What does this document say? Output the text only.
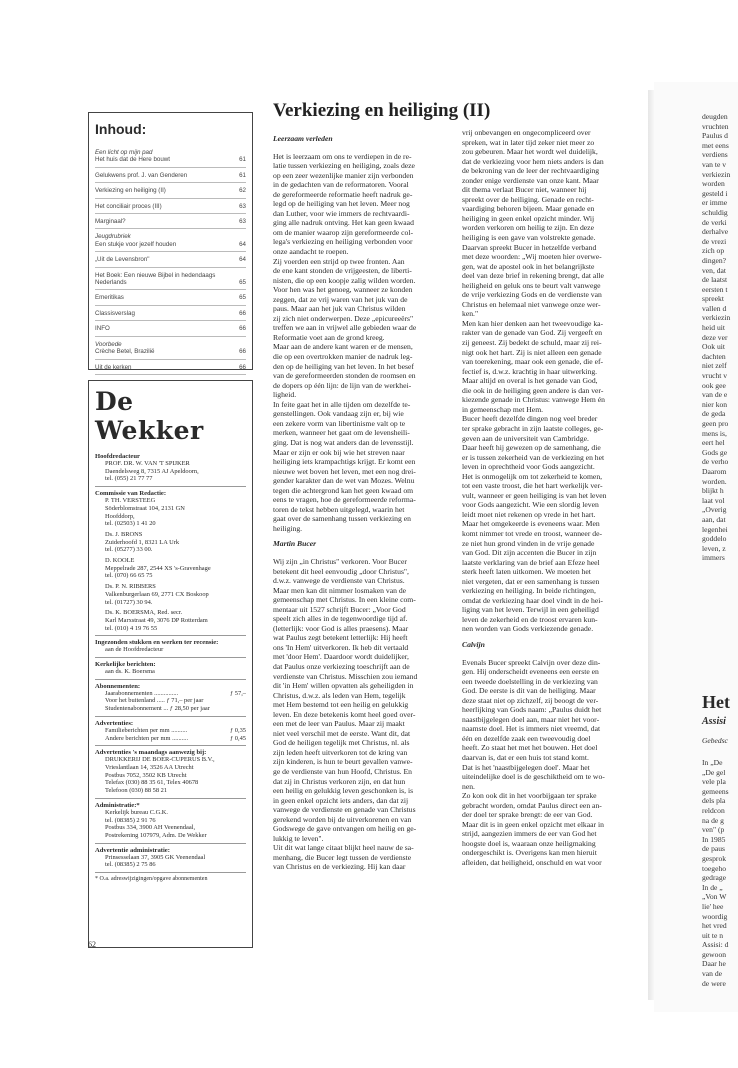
Inhoud:
Een licht op mijn pad
Het huis dat de Here bouwt	61
Gelukwens prof. J. van Genderen	61
Verkiezing en heiliging (II)	62
Het conciliair proces (III)	63
Marginaal?	63
Jeugdrubriek
Een stukje voor jezelf houden	64
„Uit de Levensbron"	64
Het Boek: Een nieuwe Bijbel in hedendaags Nederlands	65
Emeritikas	65
Classisverslag	66
INFO	66
Voorbede
Crèche Betel, Brazilië	66
Uit de kerken	66
De Wekker
Hoofdredacteur
PROF. DR. W. VAN 'T SPIJKER
Daendelsweg 8, 7315 AJ Apeldoorn,
tel. (055) 21 77 77
Commissie van Redactie:
P. TH. VERSTEEG
Söderblomstraat 104, 2131 GN
Hoofddorp,
tel. (02503) 1 41 20
Ds. J. BRONS
Zuiderhoofd 1, 8321 LA Urk
tel. (05277) 33 00.
D. KOOLE
Meppelrade 287, 2544 XS 's-Gravenhage
tel. (070) 66 65 75
Ds. P. N. RIBBERS
Valkenburgerlaan 69, 2771 CX Boskoop
tel. (01727) 30 94.
Ds. K. BOERSMA, Red. secr.
Karl Marxstraat 49, 3076 DP Rotterdam
tel. (010) 4 19 76 55
Ingezonden stukken en werken ter recensie:
aan de Hoofdredacteur
Kerkelijke berichten:
aan ds. K. Boersma
Abonnementen:
Jaarabonnementen ...............	ƒ 57,–
Voor het buitenland ..... ƒ 71,– per jaar
Studentenabonnement ... ƒ 28,50 per jaar
Advertenties:
Familieberichten per mm ..........	ƒ 0,35
Andere berichten per mm ..........	ƒ 0,45
Advertenties 's maandags aanwezig bij:
DRUKKERIJ DE BOER-CUPERUS B.V.,
Vrieslantlaan 14, 3526 AA Utrecht
Postbus 7052, 3502 KB Utrecht
Telefax (030) 88 35 61, Telex 40678
Telefoon (030) 88 58 21
Administratie:*
Kerkelijk bureau C.G.K.
tel. (08385) 2 91 76
Postbus 334, 3900 AH Veenendaal,
Postrekening 107979, Adm. De Wekker
Advertentie administratie:
Prinsesselaan 37, 3905 GK Veenendaal
tel. (08385) 2 75 86
* O.a. adreswijzigingen/opgave abonnementen
Verkiezing en heiliging (II)

Leerzaam verleden

Het is leerzaam om ons te verdiepen in de re-

latie tussen verkiezing en heiliging, zoals deze

op een zeer wezenlijke manier zijn verbonden

in de gedachten van de reformatoren. Vooral

de gereformeerde reformatie heeft nadruk ge-

legd op de heiliging van het leven. Meer nog

dan Luther, voor wie immers de rechtvaardi-

ging alle nadruk ontving. Het kan geen kwaad

om de manier waarop zijn gereformeerde col-

lega's verkiezing en heiliging verbonden voor

onze aandacht te roepen.

Zij voerden een strijd op twee fronten. Aan

de ene kant stonden de vrijgeesten, de liberti-

nisten, die op een koopje zalig wilden worden.

Voor hen was het genoeg, wanneer ze konden

zeggen, dat ze vrij waren van het juk van de

paus. Maar aan het juk van Christus wilden

zij zich niet onderwerpen. Deze „epicureeërs"

treffen we aan in vrijwel alle gebieden waar de

Reformatie voet aan de grond kreeg.

Maar aan de andere kant waren er de mensen,

die op een overtrokken manier de nadruk leg-

den op de heiliging van het leven. In het besef

van de gereformeerden stonden de roomsen en

de dopers op één lijn: de lijn van de werkhei-

ligheid.

In feite gaat het in alle tijden om dezelfde te-

genstellingen. Ook vandaag zijn er, bij wie

een zekere vorm van libertinisme valt op te

merken, wanneer het gaat om de levensheili-

ging. Dat is nog wat anders dan de levensstijl.

Maar er zijn er ook bij wie het streven naar

heiliging iets krampachtigs krijgt. Er komt een

nieuwe wet boven het leven, met een nog drei-

gender karakter dan de wet van Mozes. Welnu

tegen die achtergrond kan het geen kwaad om

eens te vragen, hoe de gereformeerde reforma-

toren de tekst hebben uitgelegd, waarin het

gaat over de samenhang tussen verkiezing en

heiliging.

Martin Bucer

Wij zijn „in Christus" verkoren. Voor Bucer

betekent dit heel eenvoudig „door Christus",

d.w.z. vanwege de verdienste van Christus.

Maar men kan dit nimmer losmaken van de

gemeenschap met Christus. In een kleine com-

mentaar uit 1527 schrijft Bucer: „Voor God

speelt zich alles in de tegenwoordige tijd af.

(letterlijk: voor God is alles praesens). Maar

wat Paulus zegt betekent letterlijk: Hij heeft

ons 'In Hem' uitverkoren. Ik heb dit vertaald

met 'door Hem'. Daardoor wordt duidelijker,

dat Paulus onze verkiezing toeschrijft aan de

verdienste van Christus. Misschien zou iemand

dit 'in Hem' willen opvatten als geheiligden in

Christus, d.w.z. als leden van Hem, tegelijk

met Hem bestemd tot een heilig en gelukkig

leven. En deze betekenis komt heel goed over-

een met de leer van Paulus. Maar zij maakt

niet veel verschil met de eerste. Want dit, dat

God de heiligen tegelijk met Christus, nl. als

zijn leden heeft uitverkoren tot de kring van

zijn kinderen, is hun te beurt gevallen vanwe-

ge de verdienste van hun Hoofd, Christus. En

dat zij in Christus verkoren zijn, en dat hun

een heilig en gelukkig leven geschonken is, is

in geen enkel opzicht iets anders, dan dat zij

vanwege de verdienste en genade van Christus

gerekend worden bij de uitverkorenen en van

Godswege de gave ontvangen om heilig en ge-

lukkig te leven".

Uit dit wat lange citaat blijkt heel nauw de sa-

menhang, die Bucer legt tussen de verdienste

van Christus en de verkiezing. Hij kan daar

vrij onbevangen en ongecompliceerd over

spreken, wat in later tijd zeker niet meer zo

zou gebeuren. Maar het wordt wel duidelijk,

dat de verkiezing voor hem niets anders is dan

de bekroning van de leer der rechtvaardiging

zonder enige verdienste van onze kant. Maar

dit thema verlaat Bucer niet, wanneer hij

spreekt over de heiliging. Genade en recht-

vaardiging behoren bijeen. Maar genade en

heiliging in geen enkel opzicht minder. Wij

worden verkoren om heilig te zijn. En deze

heiliging is een gave van volstrekte genade.

Daarvan spreekt Bucer in hetzelfde verband

met deze woorden: „Wij moeten hier overwe-

gen, wat de apostel ook in het belangrijkste

deel van deze brief in rekening brengt, dat alle

heiligheid en geluk ons te beurt valt vanwege

de vrije verkiezing Gods en de verdienste van

Christus en helemaal niet vanwege onze wer-

ken."

Men kan hier denken aan het tweevoudige ka-

rakter van de genade van God. Zij vergeeft en

zij geneest. Zij bedekt de schuld, maar zij rei-

nigt ook het hart. Zij is niet alleen een genade

van toerekening, maar ook een genade, die ef-

fectief is, d.w.z. krachtig in haar uitwerking.

Maar altijd en overal is het genade van God,

die ook in de heiliging geen andere is dan ver-

kiezende genade in Christus: vanwege Hem én

in gemeenschap met Hem.

Bucer heeft dezelfde dingen nog veel breder

ter sprake gebracht in zijn laatste colleges, ge-

geven aan de universiteit van Cambridge.

Daar heeft hij gewezen op de samenhang, die

er is tussen zekerheid van de verkiezing en het

leven in oprechtheid voor Gods aangezicht.

Het is onmogelijk om tot zekerheid te komen,

tot een vaste troost, die het hart werkelijk ver-

vult, wanneer er geen heiliging is van het leven

voor Gods aangezicht. Wie een slordig leven

leidt moet niet rekenen op vrede in het hart.

Maar het omgekeerde is eveneens waar. Men

komt nimmer tot vrede en troost, wanneer de-

ze niet hun grond vinden in de vrije genade

van God. Dit zijn accenten die Bucer in zijn

laatste verklaring van de brief aan Efeze heel

sterk heeft laten uitkomen. We moeten het

niet vergeten, dat er een samenhang is tussen

verkiezing en heiliging. In beide richtingen,

omdat de verkiezing haar doel vindt in de hei-

liging van het leven. Terwijl in een geheiligd

leven de zekerheid en de troost ervaren kun-

nen worden van Gods verkiezende genade.

Calvijn

Evenals Bucer spreekt Calvijn over deze din-

gen. Hij onderscheidt eveneens een eerste en

een tweede doelstelling in de verkiezing van

God. De eerste is dit van de heiliging. Maar

deze staat niet op zichzelf, zij beoogt de ver-

heerlijking van Gods naam: „Paulus duidt het

naastbijgelegen doel aan, maar niet het voor-

naamste doel. Het is immers niet vreemd, dat

één en dezelfde zaak een tweevoudig doel

heeft. Zo staat het met het bouwen. Het doel

daarvan is, dat er een huis tot stand komt.

Dat is het 'naastbijgelegen doel'. Maar het

uiteindelijke doel is de geschiktheid om te wo-

nen.

Zo kon ook dit in het voorbijgaan ter sprake

gebracht worden, omdat Paulus direct een an-

der doel ter sprake brengt: de eer van God.

Maar dit is in geen enkel opzicht met elkaar in

strijd, aangezien immers de eer van God het

hoogste doel is, waaraan onze heiligmaking

ondergeschikt is. Overigens kan men hieruit

afleiden, dat heiligheid, onschuld en wat voor

62

deugden

vruchten

Paulus d

met eens

verdiens

van te v

verkiezin

worden

gesteld i

er imme

schuldig

de verki

derhalve

de vrezi

zich op

dingen?

ven, dat

de laatst

eersten t

spreekt

vallen d

verkiezin

heid uit

deze ver

Ook uit

dachten

niet zelf

vrucht v

ook gee

van de e

nier kon

de geda

geen pro

mens is,

eert hel

Gods ge

de verho

Daarom

worden.

blijkt h

laat vol

„Overig

aan, dat

legenhei

goddelo

leven, z

immers

Het
Assisi
Gebedsc

In „De

„De gel

vele pla

gemeens

dels pla

reldcon

na de g

ven" (p

In 1985

de paus

gesprok

toegeho

gedrage

In de „

„Von W

lie' hee

woordig

het vred

uit te n

Assisi: d

gewoon

Daar he

van de

de were
